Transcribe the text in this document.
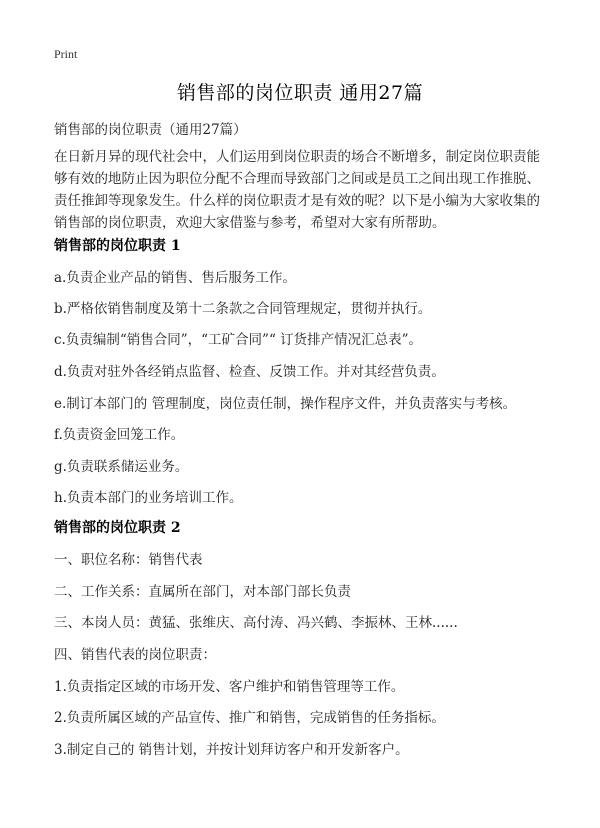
Print
销售部的岗位职责 通用27篇
销售部的岗位职责（通用27篇）
在日新月异的现代社会中，人们运用到岗位职责的场合不断增多，制定岗位职责能
够有效的地防止因为职位分配不合理而导致部门之间或是员工之间出现工作推脱、
责任推卸等现象发生。什么样的岗位职责才是有效的呢？以下是小编为大家收集的
销售部的岗位职责，欢迎大家借鉴与参考，希望对大家有所帮助。
销售部的岗位职责 1
a.负责企业产品的销售、售后服务工作。
b.严格依销售制度及第十二条款之合同管理规定，贯彻并执行。
c.负责编制“销售合同”，“工矿合同”“ 订货排产情况汇总表”。
d.负责对驻外各经销点监督、检查、反馈工作。并对其经营负责。
e.制订本部门的 管理制度，岗位责任制，操作程序文件，并负责落实与考核。
f.负责资金回笼工作。
g.负责联系储运业务。
h.负责本部门的业务培训工作。
销售部的岗位职责 2
一、职位名称：销售代表
二、工作关系：直属所在部门，对本部门部长负责
三、本岗人员：黄猛、张维庆、高付涛、冯兴鹤、李振林、王林......
四、销售代表的岗位职责：
1.负责指定区域的市场开发、客户维护和销售管理等工作。
2.负责所属区域的产品宣传、推广和销售，完成销售的任务指标。
3.制定自己的 销售计划，并按计划拜访客户和开发新客户。
